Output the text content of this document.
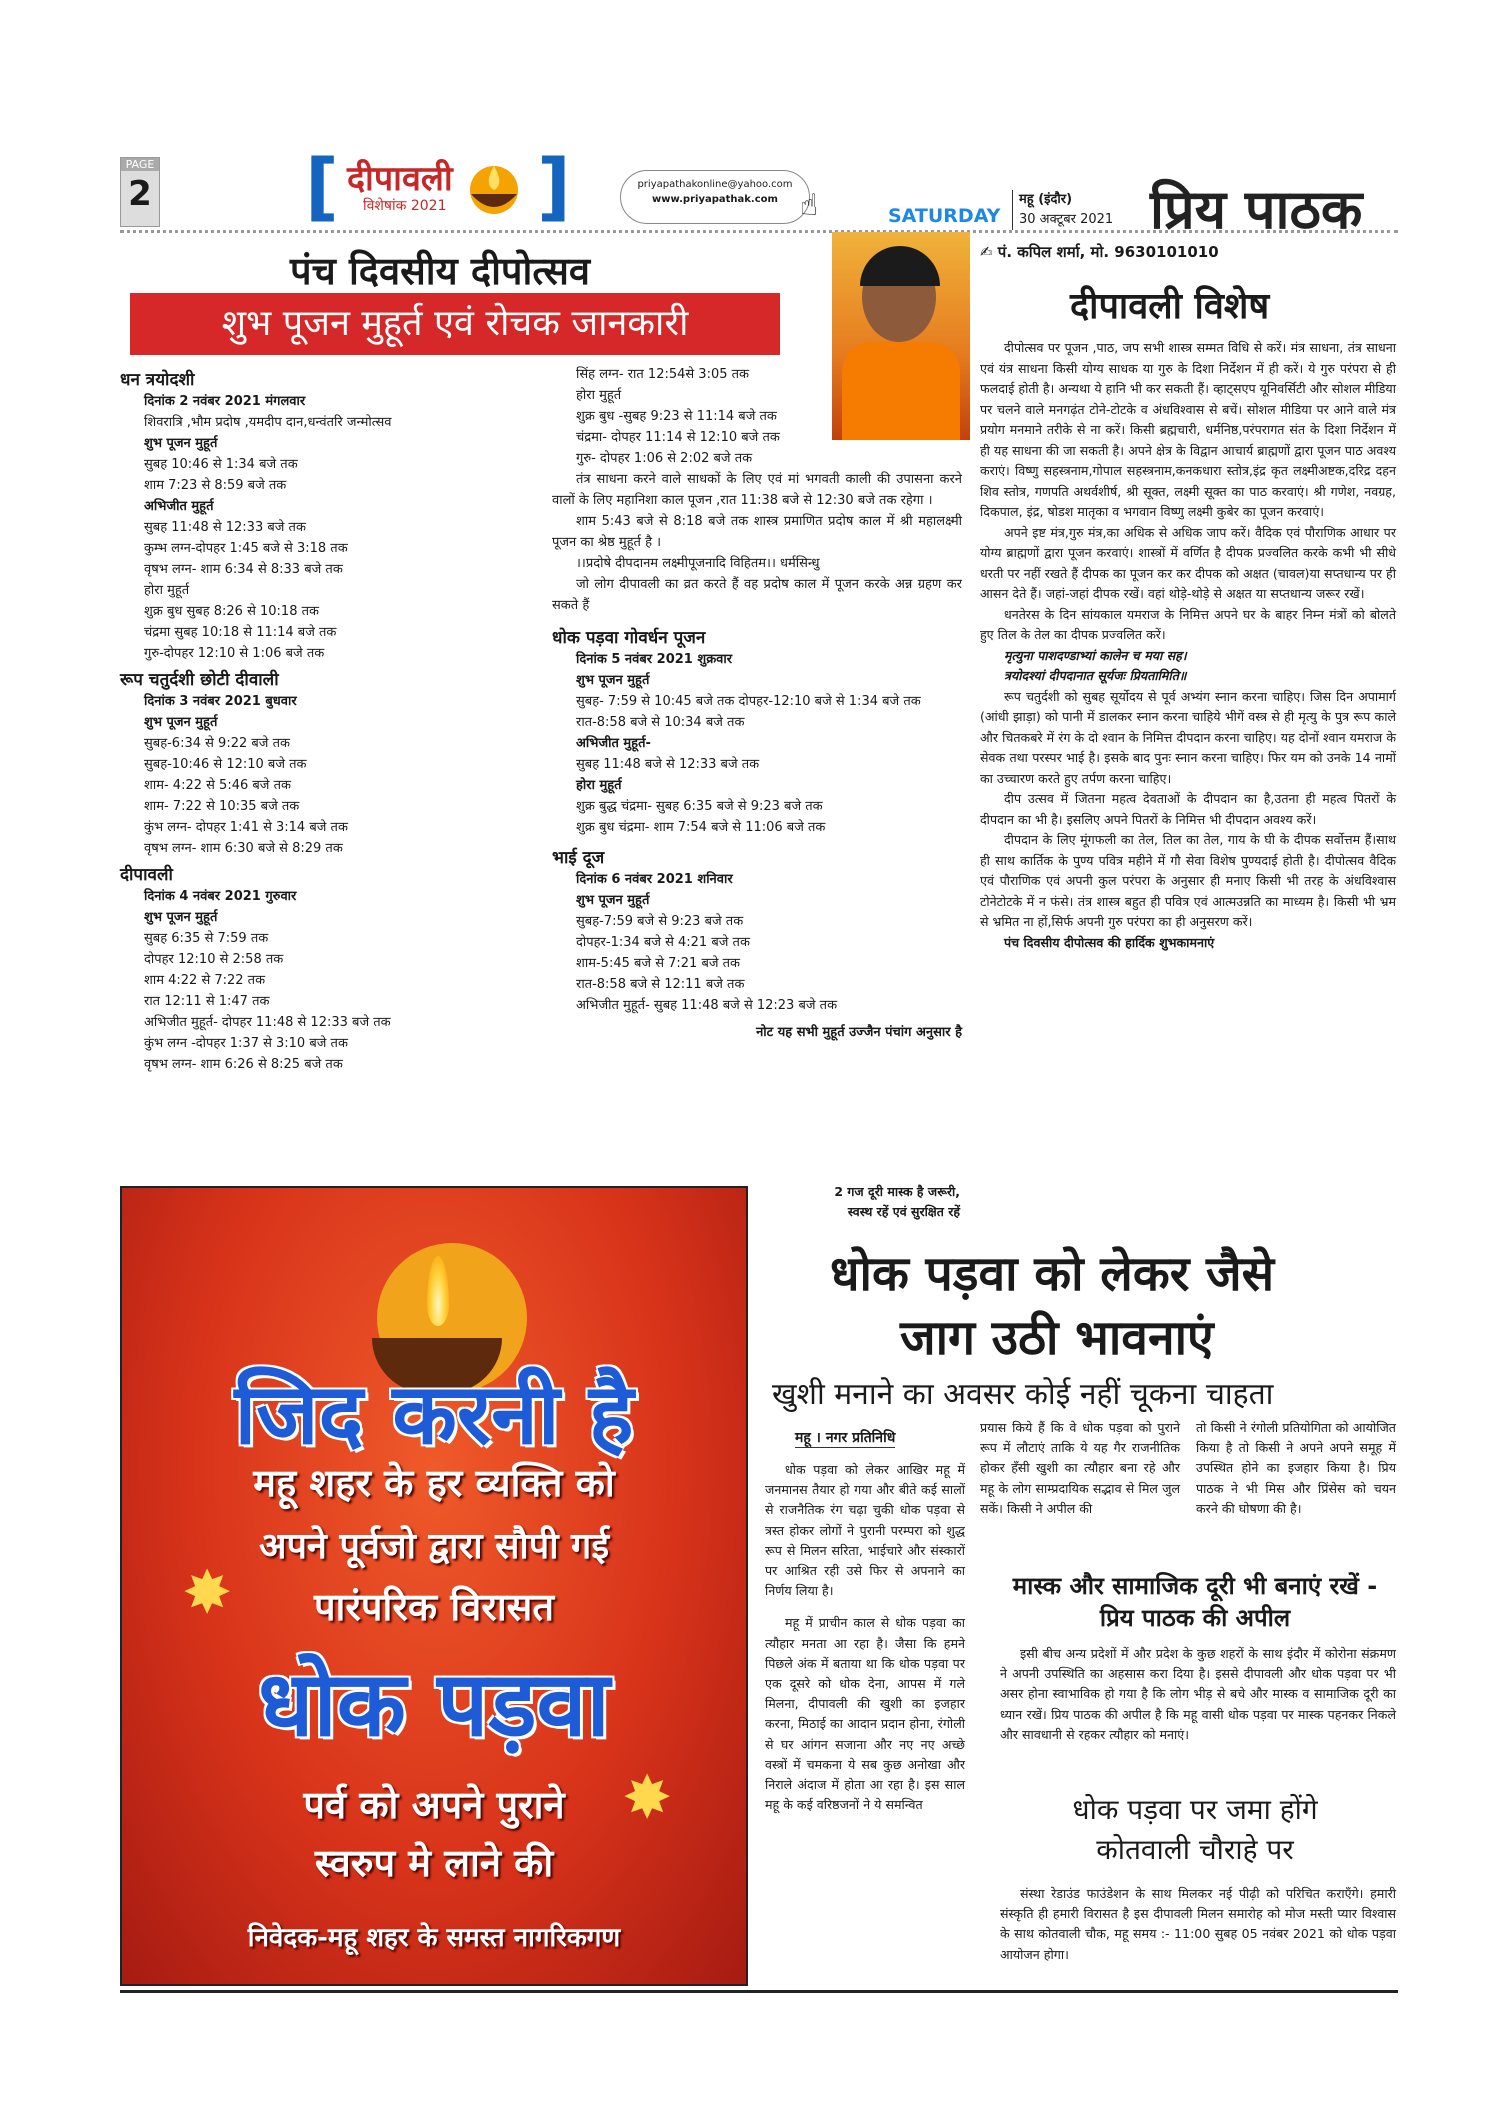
PAGE
2 [ दीपावली
विशेषांक 2021 ]	priyapathakonline@yahoo.com
www.priyapathak.com ☝	SATURDAY
महू (इंदौर)
30 अक्टूबर 2021 प्रिय पाठक
पंच दिवसीय दीपोत्सव
शुभ पूजन मुहूर्त एवं रोचक जानकारी
✍ पं. कपिल शर्मा, मो. 9630101010
दीपावली विशेष
धन त्रयोदशी
दिनांक 2 नवंबर 2021 मंगलवार
शिवरात्रि ,भौम प्रदोष ,यमदीप दान,धन्वंतरि जन्मोत्सव
शुभ पूजन मुहूर्त
सुबह 10:46 से 1:34 बजे तक
शाम 7:23 से 8:59 बजे तक
अभिजीत मुहूर्त
सुबह 11:48 से 12:33 बजे तक
कुम्भ लग्न-दोपहर 1:45 बजे से 3:18 तक
वृषभ लग्न- शाम 6:34 से 8:33 बजे तक
होरा मुहूर्त
शुक्र बुध सुबह 8:26 से 10:18 तक
चंद्रमा सुबह 10:18 से 11:14 बजे तक
गुरु-दोपहर 12:10 से 1:06 बजे तक
रूप चतुर्दशी छोटी दीवाली
दिनांक 3 नवंबर 2021 बुधवार
शुभ पूजन मुहूर्त
सुबह-6:34 से 9:22 बजे तक
सुबह-10:46 से 12:10 बजे तक
शाम- 4:22 से 5:46 बजे तक
शाम- 7:22 से 10:35 बजे तक
कुंभ लग्न- दोपहर 1:41 से 3:14 बजे तक
वृषभ लग्न- शाम 6:30 बजे से 8:29 तक
दीपावली
दिनांक 4 नवंबर 2021 गुरुवार
शुभ पूजन मुहूर्त
सुबह 6:35 से 7:59 तक
दोपहर 12:10 से 2:58 तक
शाम 4:22 से 7:22 तक
रात 12:11 से 1:47 तक
अभिजीत मुहूर्त- दोपहर 11:48 से 12:33 बजे तक
कुंभ लग्न -दोपहर 1:37 से 3:10 बजे तक
वृषभ लग्न- शाम 6:26 से 8:25 बजे तक
सिंह लग्न- रात 12:54से 3:05 तक
होरा मुहूर्त
शुक्र बुध -सुबह 9:23 से 11:14 बजे तक
चंद्रमा- दोपहर 11:14 से 12:10 बजे तक
गुरु- दोपहर 1:06 से 2:02 बजे तक
तंत्र साधना करने वाले साधकों के लिए एवं मां भगवती काली की उपासना करने वालों के लिए महानिशा काल पूजन ,रात 11:38 बजे से 12:30 बजे तक रहेगा ।
शाम 5:43 बजे से 8:18 बजे तक शास्त्र प्रमाणित प्रदोष काल में श्री महालक्ष्मी पूजन का श्रेष्ठ मुहूर्त है ।
।।प्रदोषे दीपदानम लक्ष्मीपूजनादि विहितम।। धर्मसिन्धु
जो लोग दीपावली का व्रत करते हैं वह प्रदोष काल में पूजन करके अन्न ग्रहण कर सकते हैं
धोक पड़वा गोवर्धन पूजन
दिनांक 5 नवंबर 2021 शुक्रवार
शुभ पूजन मुहूर्त
सुबह- 7:59 से 10:45 बजे तक दोपहर-12:10 बजे से 1:34 बजे तक
रात-8:58 बजे से 10:34 बजे तक
अभिजीत मुहूर्त-
सुबह 11:48 बजे से 12:33 बजे तक
होरा मुहूर्त
शुक्र बुद्ध चंद्रमा- सुबह 6:35 बजे से 9:23 बजे तक
शुक्र बुध चंद्रमा- शाम 7:54 बजे से 11:06 बजे तक
भाई दूज
दिनांक 6 नवंबर 2021 शनिवार
शुभ पूजन मुहूर्त
सुबह-7:59 बजे से 9:23 बजे तक
दोपहर-1:34 बजे से 4:21 बजे तक
शाम-5:45 बजे से 7:21 बजे तक
रात-8:58 बजे से 12:11 बजे तक
अभिजीत मुहूर्त- सुबह 11:48 बजे से 12:23 बजे तक
नोट यह सभी मुहूर्त उज्जैन पंचांग अनुसार है
2 गज दूरी मास्क है जरूरी,
स्वस्थ रहें एवं सुरक्षित रहें
दीपोत्सव पर पूजन ,पाठ, जप सभी शास्त्र सम्मत विधि से करें। मंत्र साधना, तंत्र साधना एवं यंत्र साधना किसी योग्य साधक या गुरु के दिशा निर्देशन में ही करें। ये गुरु परंपरा से ही फलदाई होती है। अन्यथा ये हानि भी कर सकती हैं। व्हाट्सएप यूनिवर्सिटी और सोशल मीडिया पर चलने वाले मनगढ़ंत टोने-टोटके व अंधविश्वास से बचें। सोशल मीडिया पर आने वाले मंत्र प्रयोग मनमाने तरीके से ना करें। किसी ब्रह्मचारी, धर्मनिष्ठ,परंपरागत संत के दिशा निर्देशन में ही यह साधना की जा सकती है। अपने क्षेत्र के विद्वान आचार्य ब्राह्मणों द्वारा पूजन पाठ अवश्य कराएं। विष्णु सहस्त्रनाम,गोपाल सहस्त्रनाम,कनकधारा स्तोत्र,इंद्र कृत लक्ष्मीअष्टक,दरिद्र दहन शिव स्तोत्र, गणपति अथर्वशीर्ष, श्री सूक्त, लक्ष्मी सूक्त का पाठ करवाएं। श्री गणेश, नवग्रह, दिकपाल, इंद्र, षोडश मातृका व भगवान विष्णु लक्ष्मी कुबेर का पूजन करवाएं।
अपने इष्ट मंत्र,गुरु मंत्र,का अधिक से अधिक जाप करें। वैदिक एवं पौराणिक आधार पर योग्य ब्राह्मणों द्वारा पूजन करवाएं। शास्त्रों में वर्णित है दीपक प्रज्वलित करके कभी भी सीधे धरती पर नहीं रखते हैं दीपक का पूजन कर कर दीपक को अक्षत (चावल)या सप्तधान्य पर ही आसन देते हैं। जहां-जहां दीपक रखें। वहां थोड़े-थोड़े से अक्षत या सप्तधान्य जरूर रखें।
धनतेरस के दिन सांयकाल यमराज के निमित्त अपने घर के बाहर निम्न मंत्रों को बोलते हुए तिल के तेल का दीपक प्रज्वलित करें।
मृत्युना पाशदण्डाभ्यां कालेन च मया सह।
त्रयोदश्यां दीपदानात सूर्यजः प्रियतामिति॥
रूप चतुर्दशी को सुबह सूर्योदय से पूर्व अभ्यंग स्नान करना चाहिए। जिस दिन अपामार्ग (आंधी झाड़ा) को पानी में डालकर स्नान करना चाहिये भीगें वस्त्र से ही मृत्यु के पुत्र रूप काले और चितकबरे में रंग के दो श्वान के निमित्त दीपदान करना चाहिए। यह दोनों श्वान यमराज के सेवक तथा परस्पर भाई है। इसके बाद पुनः स्नान करना चाहिए। फिर यम को उनके 14 नामों का उच्चारण करते हुए तर्पण करना चाहिए।
दीप उत्सव में जितना महत्व देवताओं के दीपदान का है,उतना ही महत्व पितरों के दीपदान का भी है। इसलिए अपने पितरों के निमित्त भी दीपदान अवश्य करें।
दीपदान के लिए मूंगफली का तेल, तिल का तेल, गाय के घी के दीपक सर्वोत्तम हैं।साथ ही साथ कार्तिक के पुण्य पवित्र महीने में गौ सेवा विशेष पुण्यदाई होती है। दीपोत्सव वैदिक एवं पौराणिक एवं अपनी कुल परंपरा के अनुसार ही मनाए किसी भी तरह के अंधविश्वास टोनेटोटके में न फंसे। तंत्र शास्त्र बहुत ही पवित्र एवं आत्मउन्नति का माध्यम है। किसी भी भ्रम से भ्रमित ना हों,सिर्फ अपनी गुरु परंपरा का ही अनुसरण करें।
पंच दिवसीय दीपोत्सव की हार्दिक शुभकामनाएं
जिद करनी है
महू शहर के हर व्यक्ति को
अपने पूर्वजो द्वारा सौपी गई
✸	पारंपरिक विरासत
धोक पड़वा
✸
पर्व को अपने पुराने
स्वरुप मे लाने की
निवेदक-महू शहर के समस्त नागरिकगण
धोक पड़वा को लेकर जैसे
जाग उठी भावनाएं
खुशी मनाने का अवसर कोई नहीं चूकना चाहता
महू । नगर प्रतिनिधि
धोक पड़वा को लेकर आखिर महू में जनमानस तैयार हो गया और बीते कई सालों से राजनैतिक रंग चढ़ा चुकी धोक पड़वा से त्रस्त होकर लोगों ने पुरानी परम्परा को शुद्ध रूप से मिलन सरिता, भाईचारे और संस्कारों पर आश्रित रही उसे फिर से अपनाने का निर्णय लिया है।
महू में प्राचीन काल से धोक पड़वा का त्यौहार मनता आ रहा है। जैसा कि हमने पिछले अंक में बताया था कि धोक पड़वा पर एक दूसरे को धोक देना, आपस में गले मिलना, दीपावली की खुशी का इजहार करना, मिठाई का आदान प्रदान होना, रंगोली से घर आंगन सजाना और नए नए अच्छे वस्त्रों में चमकना ये सब कुछ अनोखा और निराले अंदाज में होता आ रहा है। इस साल महू के कई वरिष्ठजनों ने ये समन्वित
प्रयास किये हैं कि वे धोक पड़वा को पुराने रूप में लौटाएं ताकि ये यह गैर राजनीतिक होकर हँसी खुशी का त्यौहार बना रहे और महू के लोग साम्प्रदायिक सद्भाव से मिल जुल सकें। किसी ने अपील की
तो किसी ने रंगोली प्रतियोगिता को आयोजित किया है तो किसी ने अपने अपने समूह में उपस्थित होने का इजहार किया है। प्रिय पाठक ने भी मिस और प्रिंसेस को चयन करने की घोषणा की है।
मास्क और सामाजिक दूरी भी बनाएं रखें - प्रिय पाठक की अपील
इसी बीच अन्य प्रदेशों में और प्रदेश के कुछ शहरों के साथ इंदौर में कोरोना संक्रमण ने अपनी उपस्थिति का अहसास करा दिया है। इससे दीपावली और धोक पड़वा पर भी असर होना स्वाभाविक हो गया है कि लोग भीड़ से बचे और मास्क व सामाजिक दूरी का ध्यान रखें। प्रिय पाठक की अपील है कि महू वासी धोक पड़वा पर मास्क पहनकर निकले और सावधानी से रहकर त्यौहार को मनाएं।
धोक पड़वा पर जमा होंगे
कोतवाली चौराहे पर
संस्था रेडाउंड फाउंडेशन के साथ मिलकर नई पीढ़ी को परिचित कराएँगे। हमारी संस्कृति ही हमारी विरासत है इस दीपावली मिलन समारोह को मोज मस्ती प्यार विश्वास के साथ कोतवाली चौक, महू समय :- 11:00 सुबह 05 नवंबर 2021 को धोक पड़वा आयोजन होगा।
